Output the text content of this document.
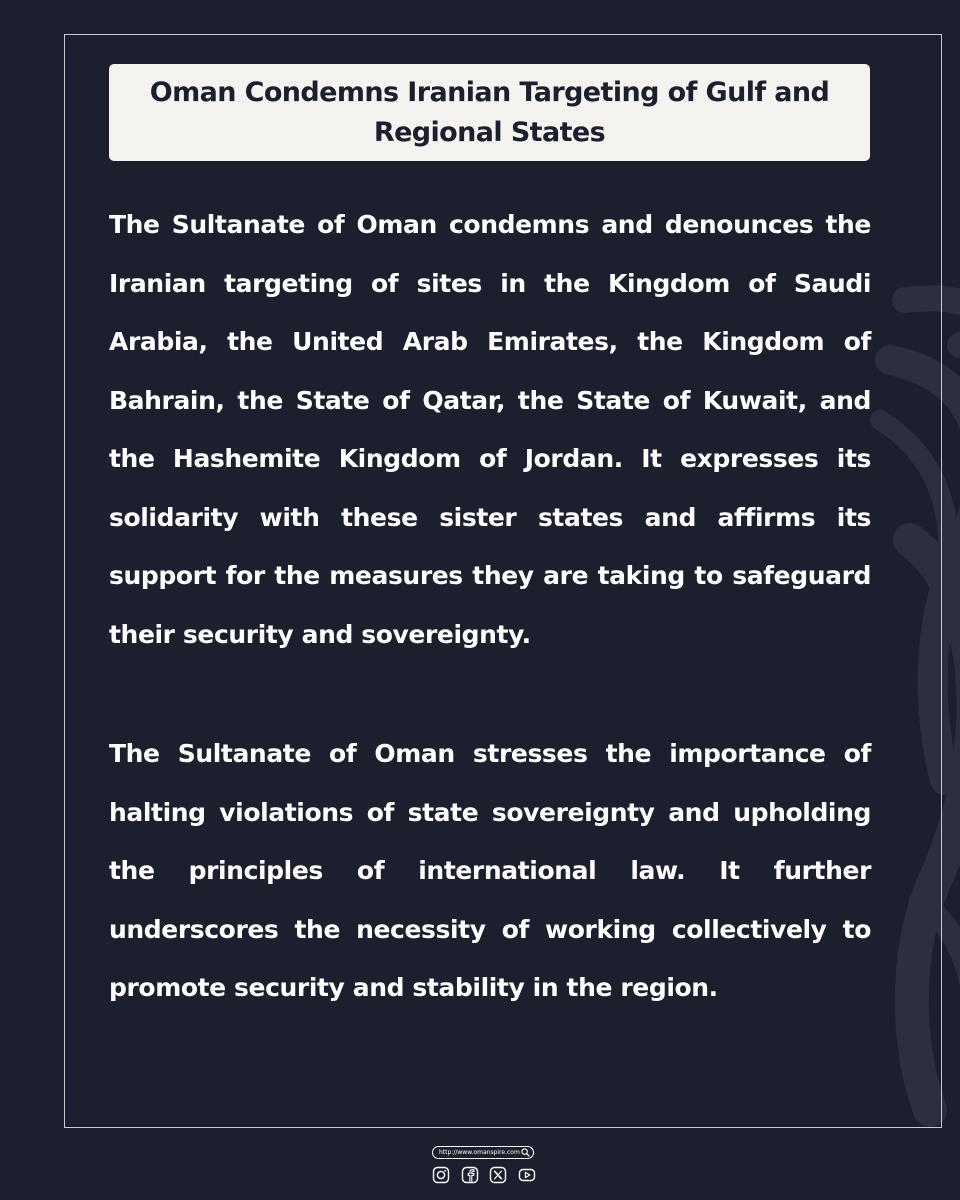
Oman Condemns Iranian Targeting of Gulf and Regional States

The Sultanate of Oman condemns and denounces the Iranian targeting of sites in the Kingdom of Saudi Arabia, the United Arab Emirates, the Kingdom of Bahrain, the State of Qatar, the State of Kuwait, and the Hashemite Kingdom of Jordan. It expresses its solidarity with these sister states and affirms its support for the measures they are taking to safeguard their security and sovereignty.

The Sultanate of Oman stresses the importance of halting violations of state sovereignty and upholding the principles of international law. It further underscores the necessity of working collectively to promote security and stability in the region.

http://www.omanspire.com
